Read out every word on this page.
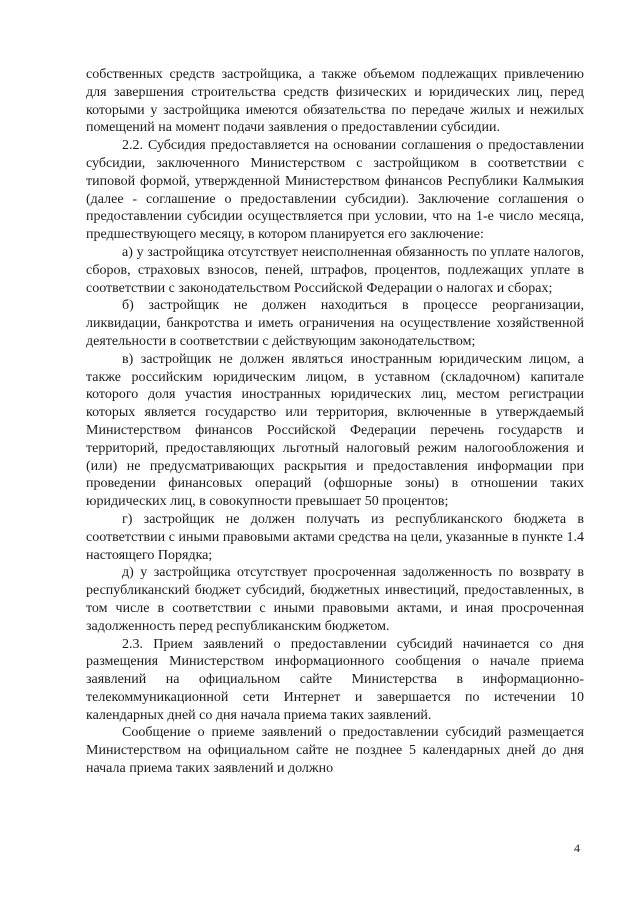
собственных средств застройщика, а также объемом подлежащих привлечению для завершения строительства средств физических и юридических лиц, перед которыми у застройщика имеются обязательства по передаче жилых и нежилых помещений на момент подачи заявления о предоставлении субсидии.

2.2. Субсидия предоставляется на основании соглашения о предоставлении субсидии, заключенного Министерством с застройщиком в соответствии с типовой формой, утвержденной Министерством финансов Республики Калмыкия (далее - соглашение о предоставлении субсидии). Заключение соглашения о предоставлении субсидии осуществляется при условии, что на 1-е число месяца, предшествующего месяцу, в котором планируется его заключение:

а) у застройщика отсутствует неисполненная обязанность по уплате налогов, сборов, страховых взносов, пеней, штрафов, процентов, подлежащих уплате в соответствии с законодательством Российской Федерации о налогах и сборах;

б) застройщик не должен находиться в процессе реорганизации, ликвидации, банкротства и иметь ограничения на осуществление хозяйственной деятельности в соответствии с действующим законодательством;

в) застройщик не должен являться иностранным юридическим лицом, а также российским юридическим лицом, в уставном (складочном) капитале которого доля участия иностранных юридических лиц, местом регистрации которых является государство или территория, включенные в утверждаемый Министерством финансов Российской Федерации перечень государств и территорий, предоставляющих льготный налоговый режим налогообложения и (или) не предусматривающих раскрытия и предоставления информации при проведении финансовых операций (офшорные зоны) в отношении таких юридических лиц, в совокупности превышает 50 процентов;

г) застройщик не должен получать из республиканского бюджета в соответствии с иными правовыми актами средства на цели, указанные в пункте 1.4 настоящего Порядка;

д) у застройщика отсутствует просроченная задолженность по возврату в республиканский бюджет субсидий, бюджетных инвестиций, предоставленных, в том числе в соответствии с иными правовыми актами, и иная просроченная задолженность перед республиканским бюджетом.

2.3. Прием заявлений о предоставлении субсидий начинается со дня размещения Министерством информационного сообщения о начале приема заявлений на официальном сайте Министерства в информационно-телекоммуникационной сети Интернет и завершается по истечении 10 календарных дней со дня начала приема таких заявлений.

Сообщение о приеме заявлений о предоставлении субсидий размещается Министерством на официальном сайте не позднее 5 календарных дней до дня начала приема таких заявлений и должно

4
